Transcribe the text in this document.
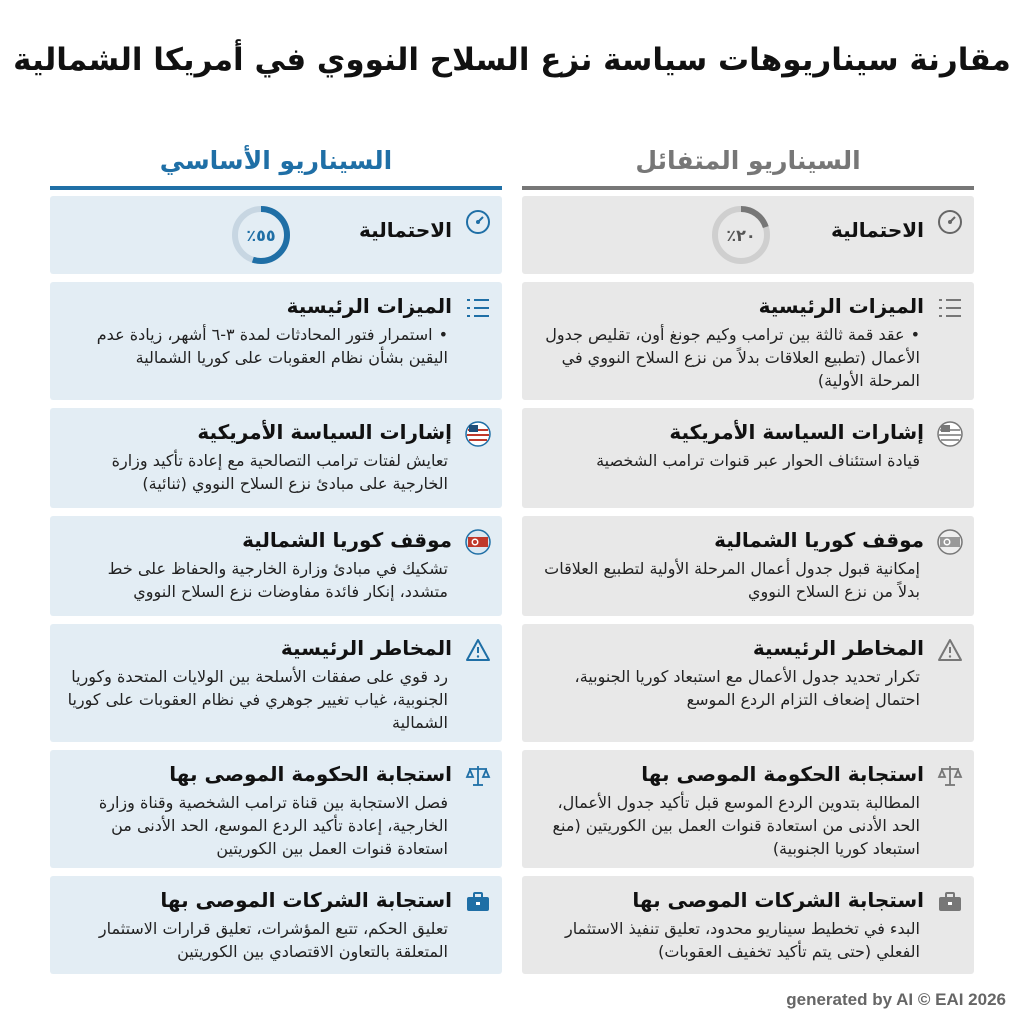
مقارنة سيناريوهات سياسة نزع السلاح النووي في أمريكا الشمالية
السيناريو الأساسي
الاحتمالية
٥٥٪
الميزات الرئيسية
•استمرار فتور المحادثات لمدة ٣-٦ أشهر، زيادة عدم اليقين بشأن نظام العقوبات على كوريا الشمالية
إشارات السياسة الأمريكية
تعايش لفتات ترامب التصالحية مع إعادة تأكيد وزارة الخارجية على مبادئ نزع السلاح النووي (ثنائية)
موقف كوريا الشمالية
تشكيك في مبادئ وزارة الخارجية والحفاظ على خط متشدد، إنكار فائدة مفاوضات نزع السلاح النووي
المخاطر الرئيسية
رد قوي على صفقات الأسلحة بين الولايات المتحدة وكوريا الجنوبية، غياب تغيير جوهري في نظام العقوبات على كوريا الشمالية
استجابة الحكومة الموصى بها
فصل الاستجابة بين قناة ترامب الشخصية وقناة وزارة الخارجية، إعادة تأكيد الردع الموسع، الحد الأدنى من استعادة قنوات العمل بين الكوريتين
استجابة الشركات الموصى بها
تعليق الحكم، تتبع المؤشرات، تعليق قرارات الاستثمار المتعلقة بالتعاون الاقتصادي بين الكوريتين
السيناريو المتفائل
الاحتمالية
٢٠٪
الميزات الرئيسية
•عقد قمة ثالثة بين ترامب وكيم جونغ أون، تقليص جدول الأعمال (تطبيع العلاقات بدلاً من نزع السلاح النووي في المرحلة الأولية)
إشارات السياسة الأمريكية
قيادة استئناف الحوار عبر قنوات ترامب الشخصية
موقف كوريا الشمالية
إمكانية قبول جدول أعمال المرحلة الأولية لتطبيع العلاقات بدلاً من نزع السلاح النووي
المخاطر الرئيسية
تكرار تحديد جدول الأعمال مع استبعاد كوريا الجنوبية، احتمال إضعاف التزام الردع الموسع
استجابة الحكومة الموصى بها
المطالبة بتدوين الردع الموسع قبل تأكيد جدول الأعمال، الحد الأدنى من استعادة قنوات العمل بين الكوريتين (منع استبعاد كوريا الجنوبية)
استجابة الشركات الموصى بها
البدء في تخطيط سيناريو محدود، تعليق تنفيذ الاستثمار الفعلي (حتى يتم تأكيد تخفيف العقوبات)
generated by AI © EAI 2026
